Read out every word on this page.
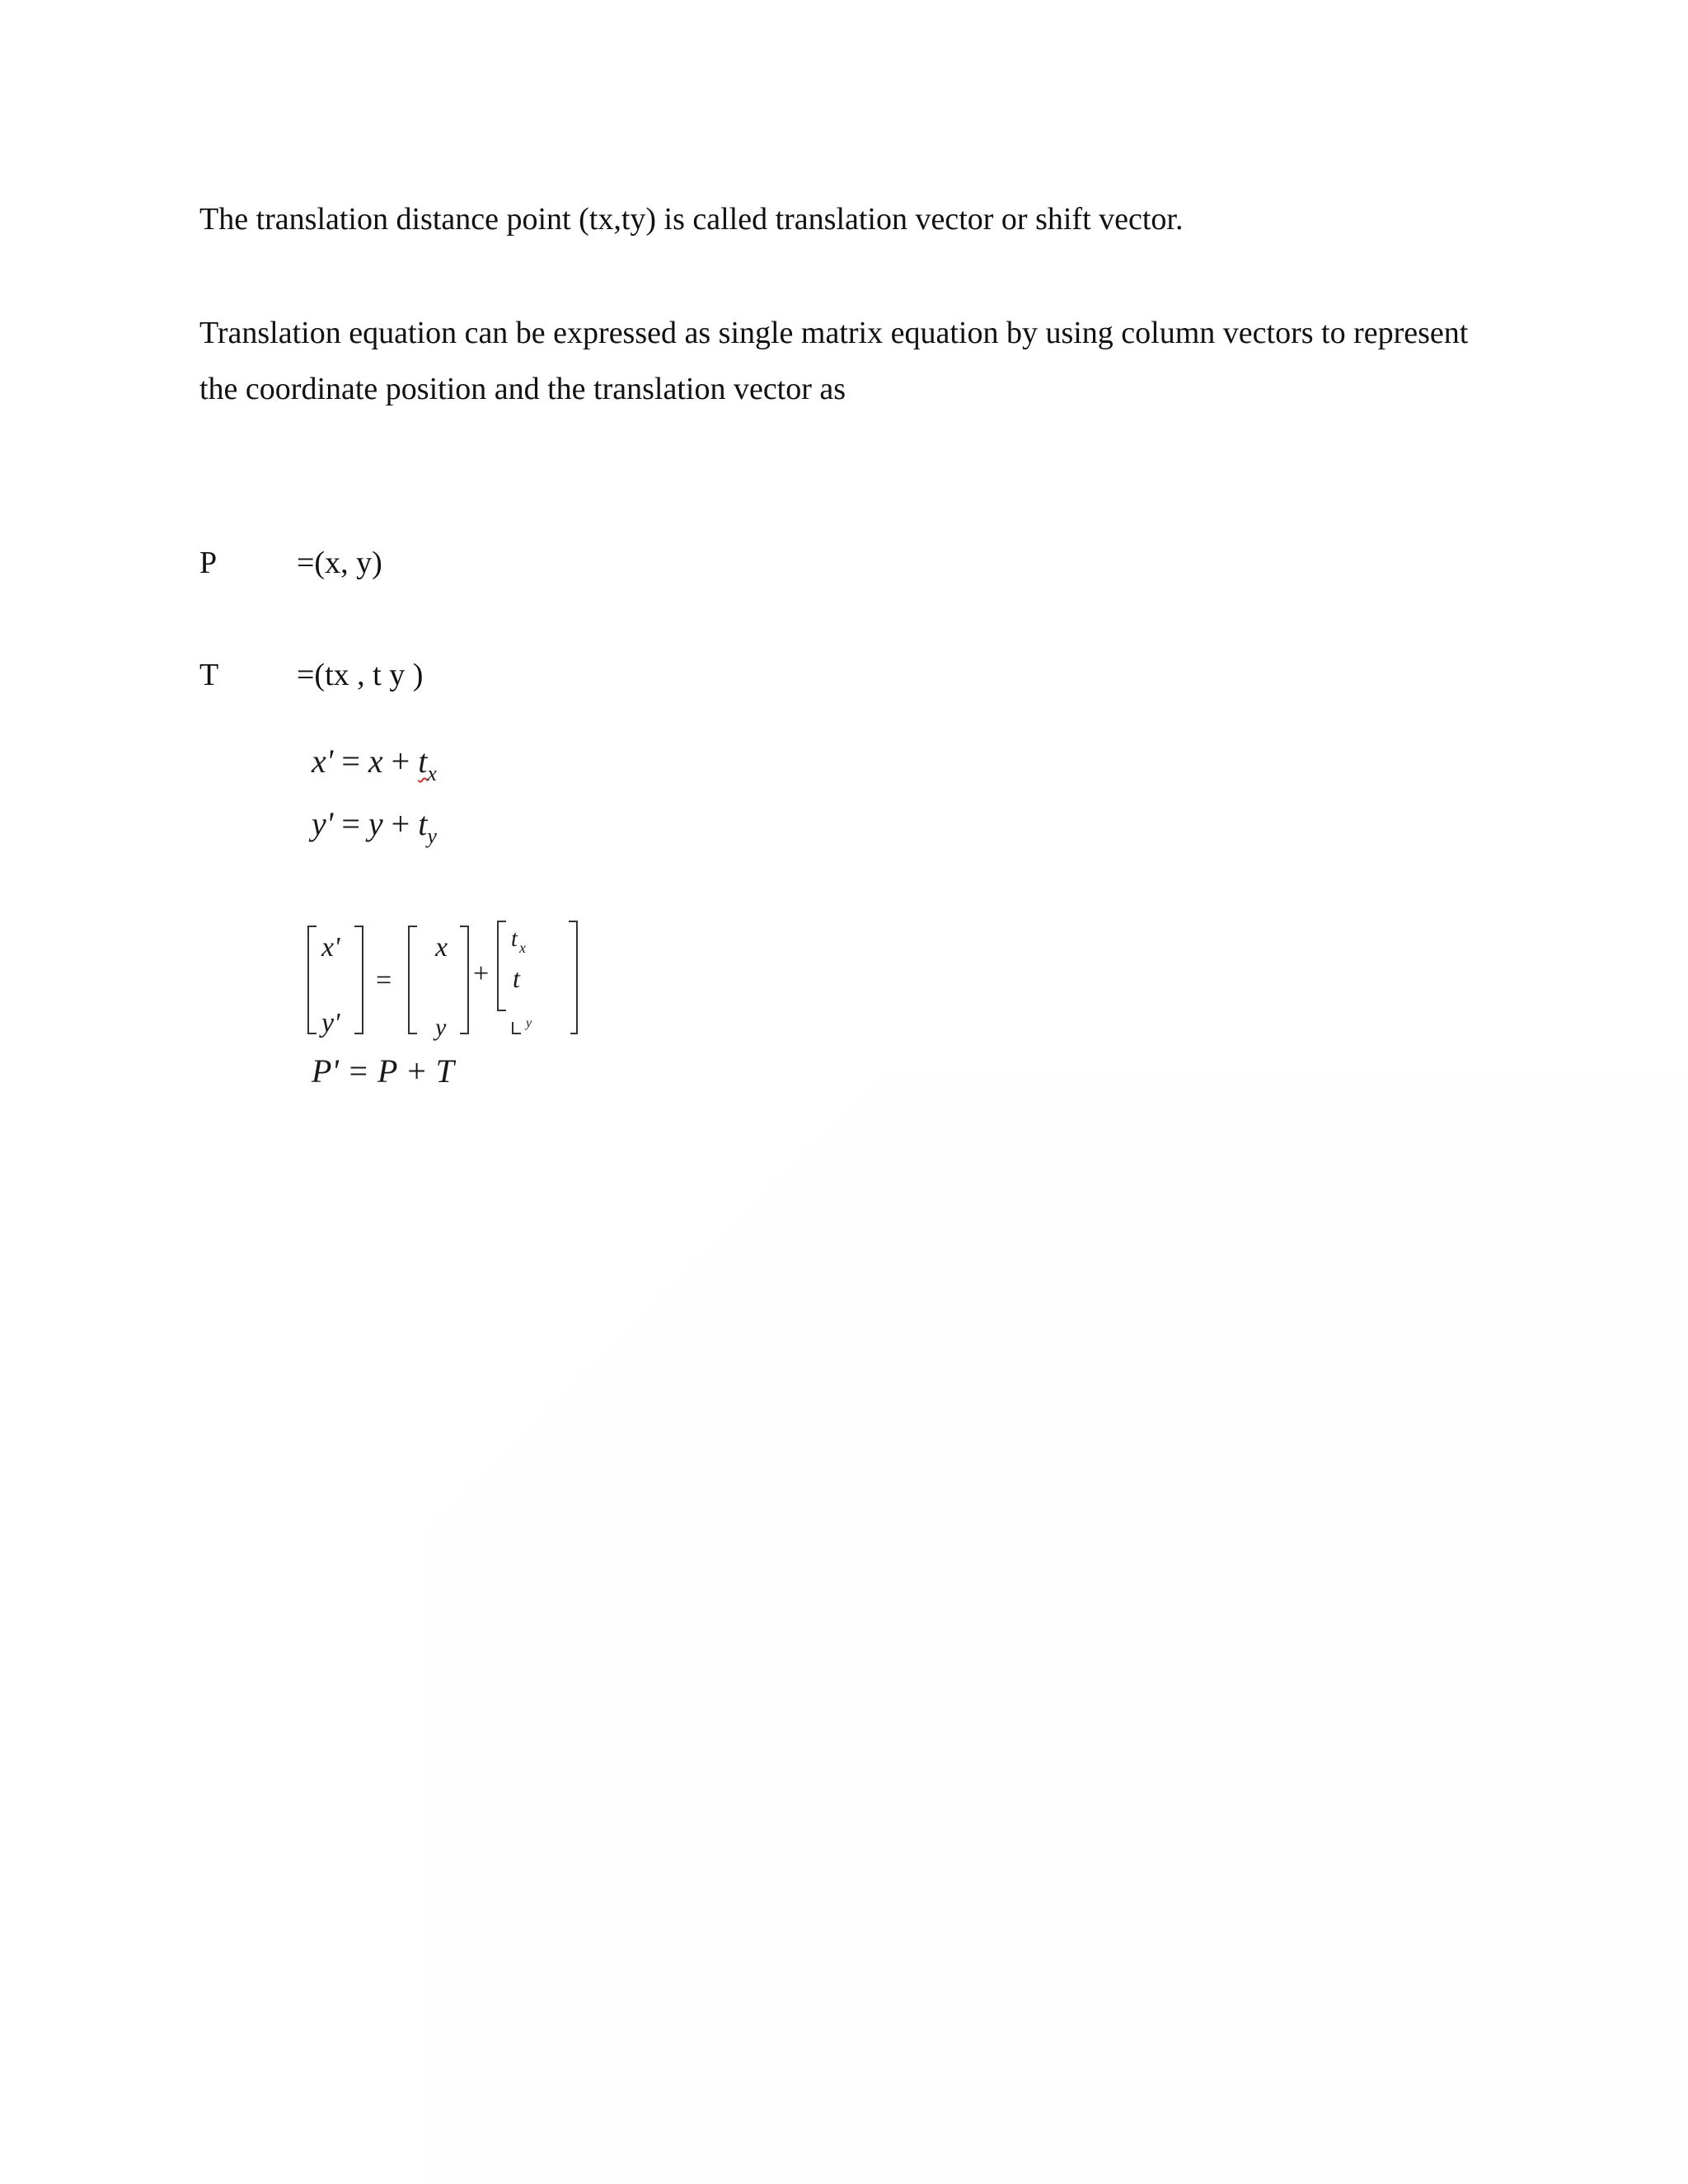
The translation distance point (tx,ty) is called translation vector or shift vector.

Translation equation can be expressed as single matrix equation by using column vectors to represent the coordinate position and the translation vector as

P	=(x, y)
T =(tx , t y )
$x' = x + t_x$
$y' = y + t_y$
x'
y'
=
x
y
+
t x
t
y
P' = P + T
